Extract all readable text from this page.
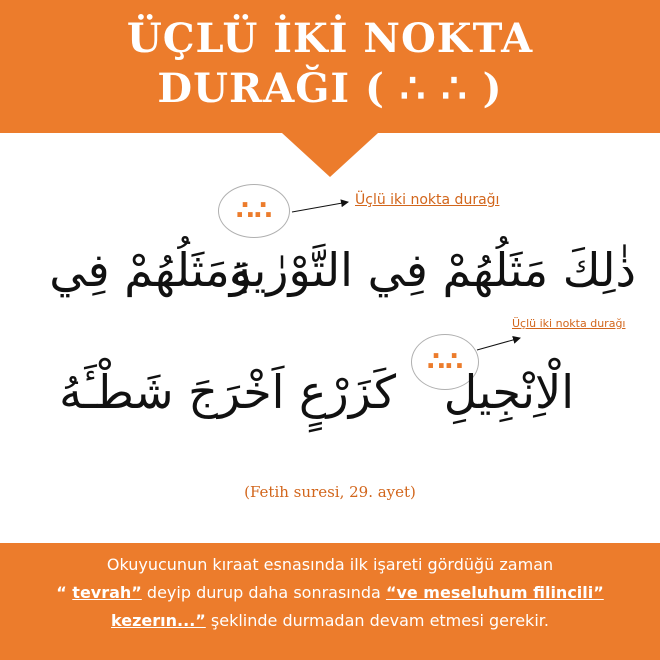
ÜÇLÜ İKİ NOKTA
DURAĞI ( ∴ ∴ )
∴∴	Üçlü iki nokta durağı
∴∴
Üçlü iki nokta durağı
ذٰلِكَ مَثَلُهُمْ فِي التَّوْرٰيةِ
وَمَثَلُهُمْ فِي
الْاِنْجِيلِ
كَزَرْعٍ اَخْرَجَ شَطْـَٔهُ
(Fetih suresi, 29. ayet)
Okuyucunun kıraat esnasında ilk işareti gördüğü zaman
“ tevrah” deyip durup daha sonrasında “ve meseluhum filincili”
kezerın...” şeklinde durmadan devam etmesi gerekir.
